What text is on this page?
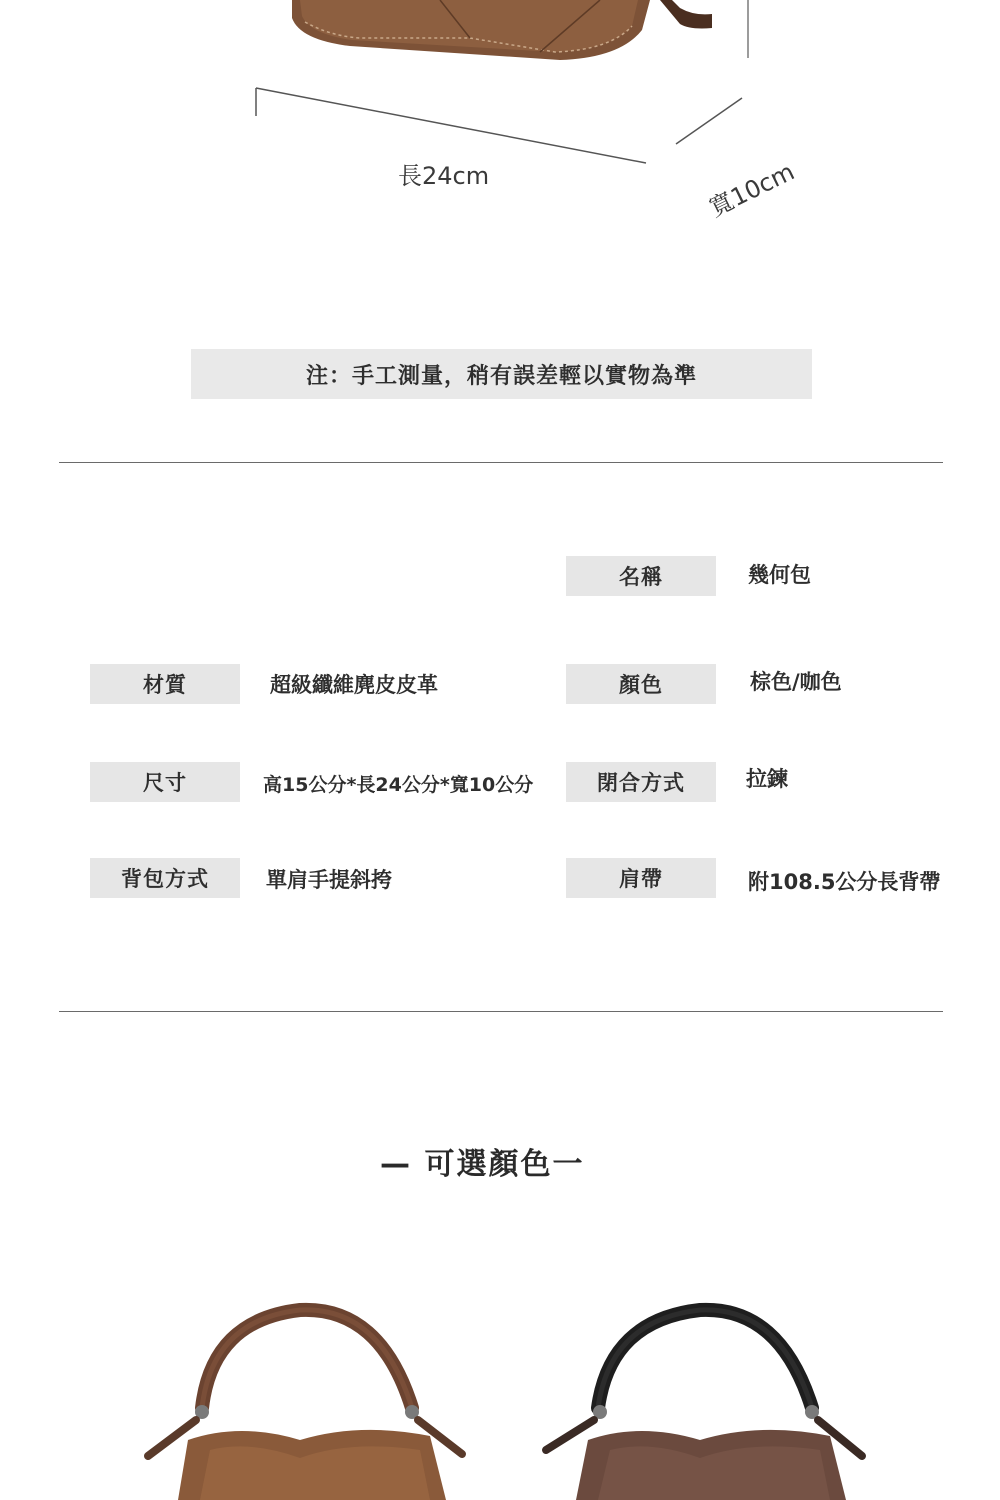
長24cm	寬10cm
注：手工測量，稍有誤差輕以實物為準
名稱	幾何包
材質	超級纖維麂皮皮革	顏色	棕色/咖色
尺寸	高15公分*長24公分*寬10公分	閉合方式	拉鍊
背包方式	單肩手提斜挎	肩帶	附108.5公分長背帶
— 可選顏色一
